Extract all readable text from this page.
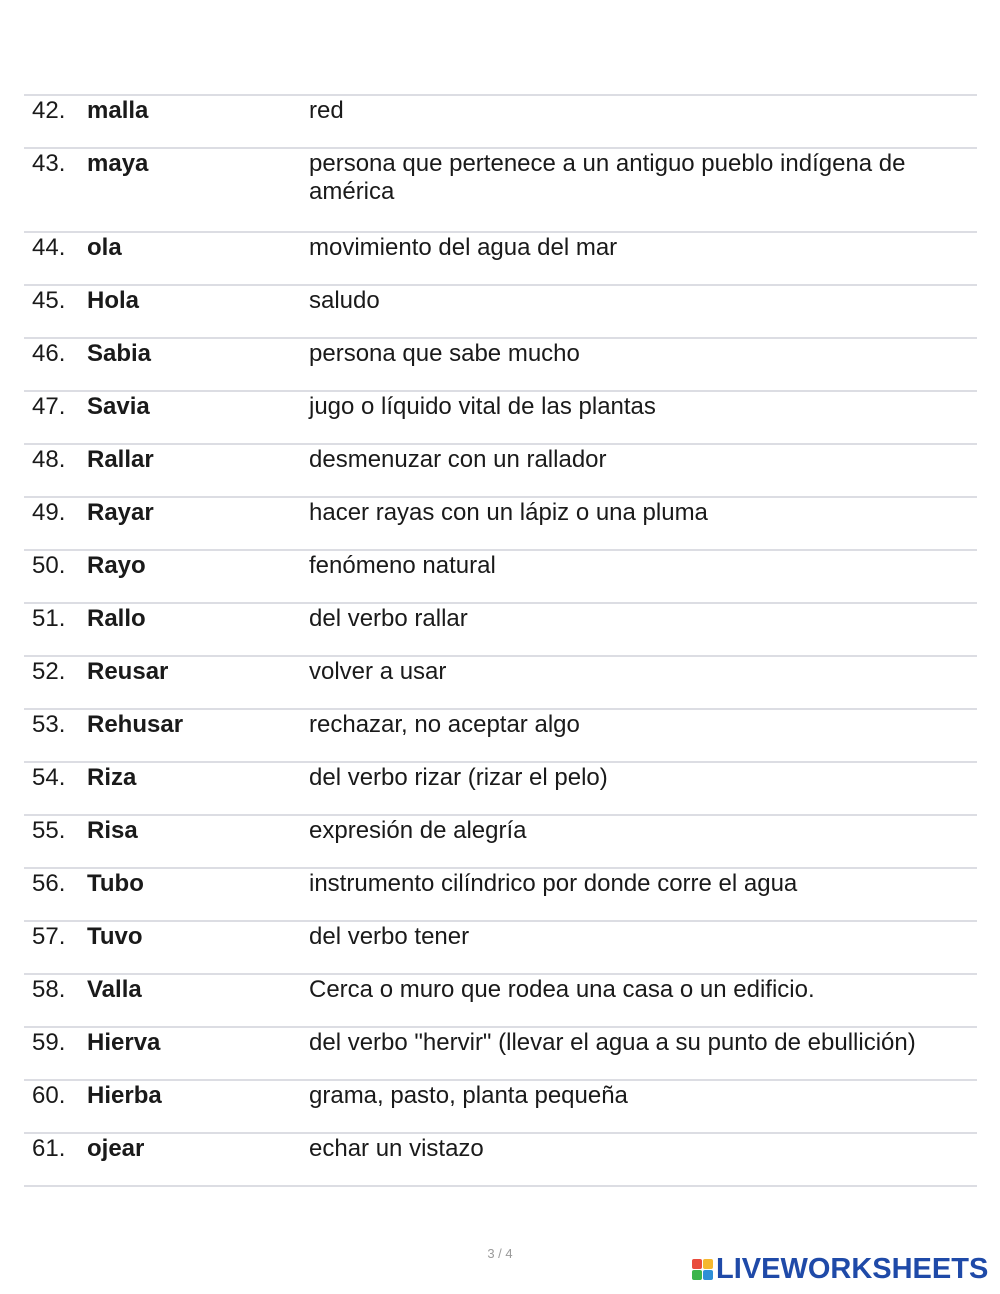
42. malla	red
43. maya	persona que pertenece a un antiguo pueblo indígena de américa
44. ola	movimiento del agua del mar
45. Hola	saludo
46. Sabia	persona que sabe mucho
47. Savia	jugo o líquido vital de las plantas
48. Rallar	desmenuzar con un rallador
49. Rayar	hacer rayas con un lápiz o una pluma
50. Rayo	fenómeno natural
51. Rallo	del verbo rallar
52. Reusar	volver a usar
53. Rehusar	rechazar, no aceptar algo
54. Riza	del verbo rizar (rizar el pelo)
55. Risa	expresión de alegría
56. Tubo	instrumento cilíndrico por donde corre el agua
57. Tuvo	del verbo tener
58. Valla	Cerca o muro que rodea una casa o un edificio.
59. Hierva	del verbo "hervir" (llevar el agua a su punto de ebullición)
60. Hierba	grama, pasto, planta pequeña
61. ojear	echar un vistazo
3 / 4	LIVEWORKSHEETS
